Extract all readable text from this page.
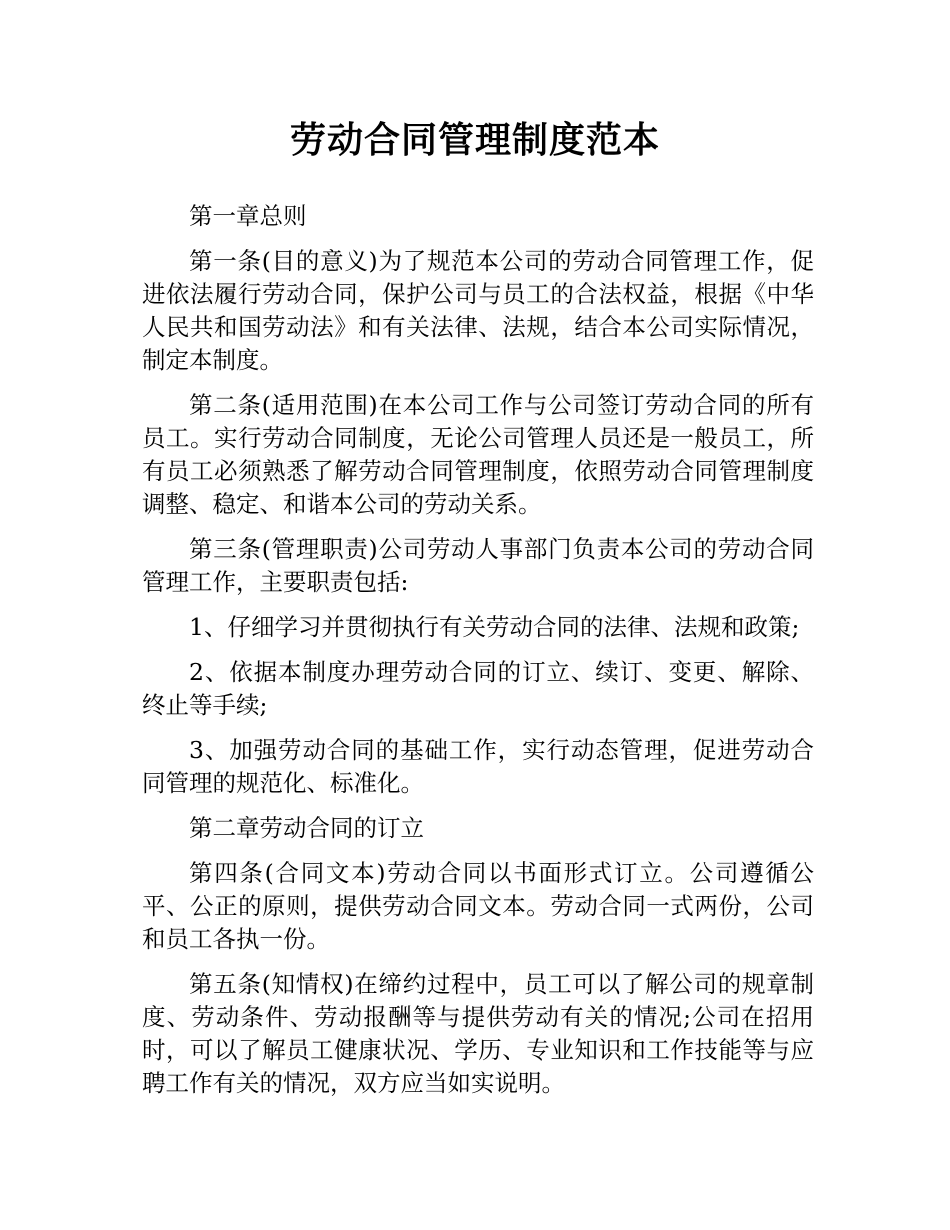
劳动合同管理制度范本

第一章总则

第一条(目的意义)为了规范本公司的劳动合同管理工作，促进依法履行劳动合同，保护公司与员工的合法权益，根据《中华人民共和国劳动法》和有关法律、法规，结合本公司实际情况，制定本制度。

第二条(适用范围)在本公司工作与公司签订劳动合同的所有员工。实行劳动合同制度，无论公司管理人员还是一般员工，所有员工必须熟悉了解劳动合同管理制度，依照劳动合同管理制度调整、稳定、和谐本公司的劳动关系。

第三条(管理职责)公司劳动人事部门负责本公司的劳动合同管理工作，主要职责包括:

1、仔细学习并贯彻执行有关劳动合同的法律、法规和政策;

2、依据本制度办理劳动合同的订立、续订、变更、解除、终止等手续;

3、加强劳动合同的基础工作，实行动态管理，促进劳动合同管理的规范化、标准化。

第二章劳动合同的订立

第四条(合同文本)劳动合同以书面形式订立。公司遵循公平、公正的原则，提供劳动合同文本。劳动合同一式两份，公司和员工各执一份。

第五条(知情权)在缔约过程中，员工可以了解公司的规章制度、劳动条件、劳动报酬等与提供劳动有关的情况;公司在招用时，可以了解员工健康状况、学历、专业知识和工作技能等与应聘工作有关的情况，双方应当如实说明。
